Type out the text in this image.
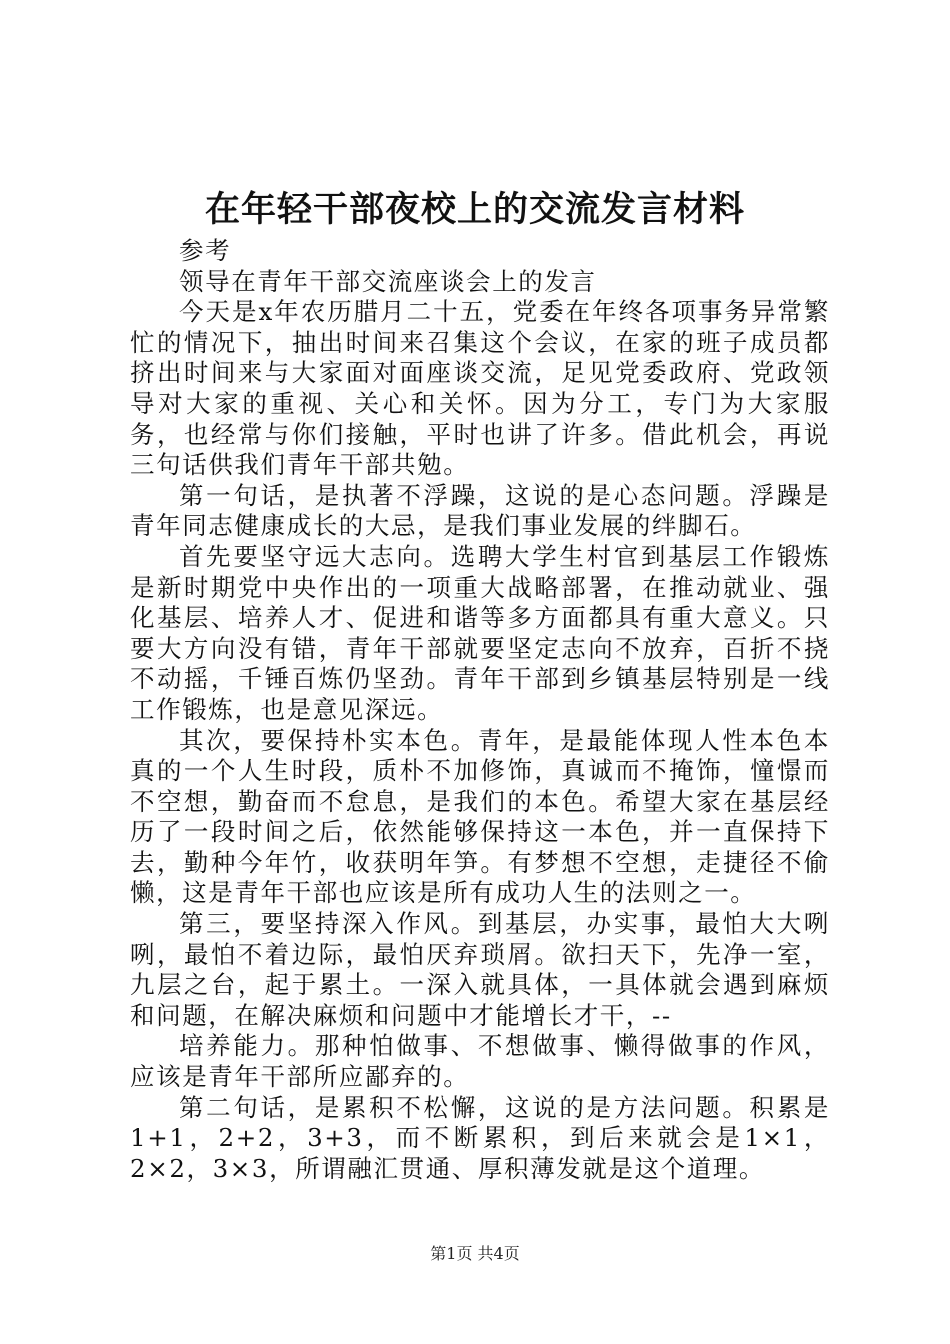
在年轻干部夜校上的交流发言材料

参考

领导在青年干部交流座谈会上的发言

今天是x年农历腊月二十五，党委在年终各项事务异常繁忙的情况下，抽出时间来召集这个会议，在家的班子成员都挤出时间来与大家面对面座谈交流，足见党委政府、党政领导对大家的重视、关心和关怀。因为分工，专门为大家服务，也经常与你们接触，平时也讲了许多。借此机会，再说三句话供我们青年干部共勉。

第一句话，是执著不浮躁，这说的是心态问题。浮躁是青年同志健康成长的大忌，是我们事业发展的绊脚石。

首先要坚守远大志向。选聘大学生村官到基层工作锻炼是新时期党中央作出的一项重大战略部署，在推动就业、强化基层、培养人才、促进和谐等多方面都具有重大意义。只要大方向没有错，青年干部就要坚定志向不放弃，百折不挠不动摇，千锤百炼仍坚劲。青年干部到乡镇基层特别是一线工作锻炼，也是意见深远。

其次，要保持朴实本色。青年，是最能体现人性本色本真的一个人生时段，质朴不加修饰，真诚而不掩饰，憧憬而不空想，勤奋而不怠息，是我们的本色。希望大家在基层经历了一段时间之后，依然能够保持这一本色，并一直保持下去，勤种今年竹，收获明年笋。有梦想不空想，走捷径不偷懒，这是青年干部也应该是所有成功人生的法则之一。

第三，要坚持深入作风。到基层，办实事，最怕大大咧咧，最怕不着边际，最怕厌弃琐屑。欲扫天下，先净一室，九层之台，起于累土。一深入就具体，一具体就会遇到麻烦和问题，在解决麻烦和问题中才能增长才干，--

培养能力。那种怕做事、不想做事、懒得做事的作风，应该是青年干部所应鄙弃的。

第二句话，是累积不松懈，这说的是方法问题。积累是1+1，2+2，3+3，而不断累积，到后来就会是1×1，2×2，3×3，所谓融汇贯通、厚积薄发就是这个道理。

第1页 共4页
